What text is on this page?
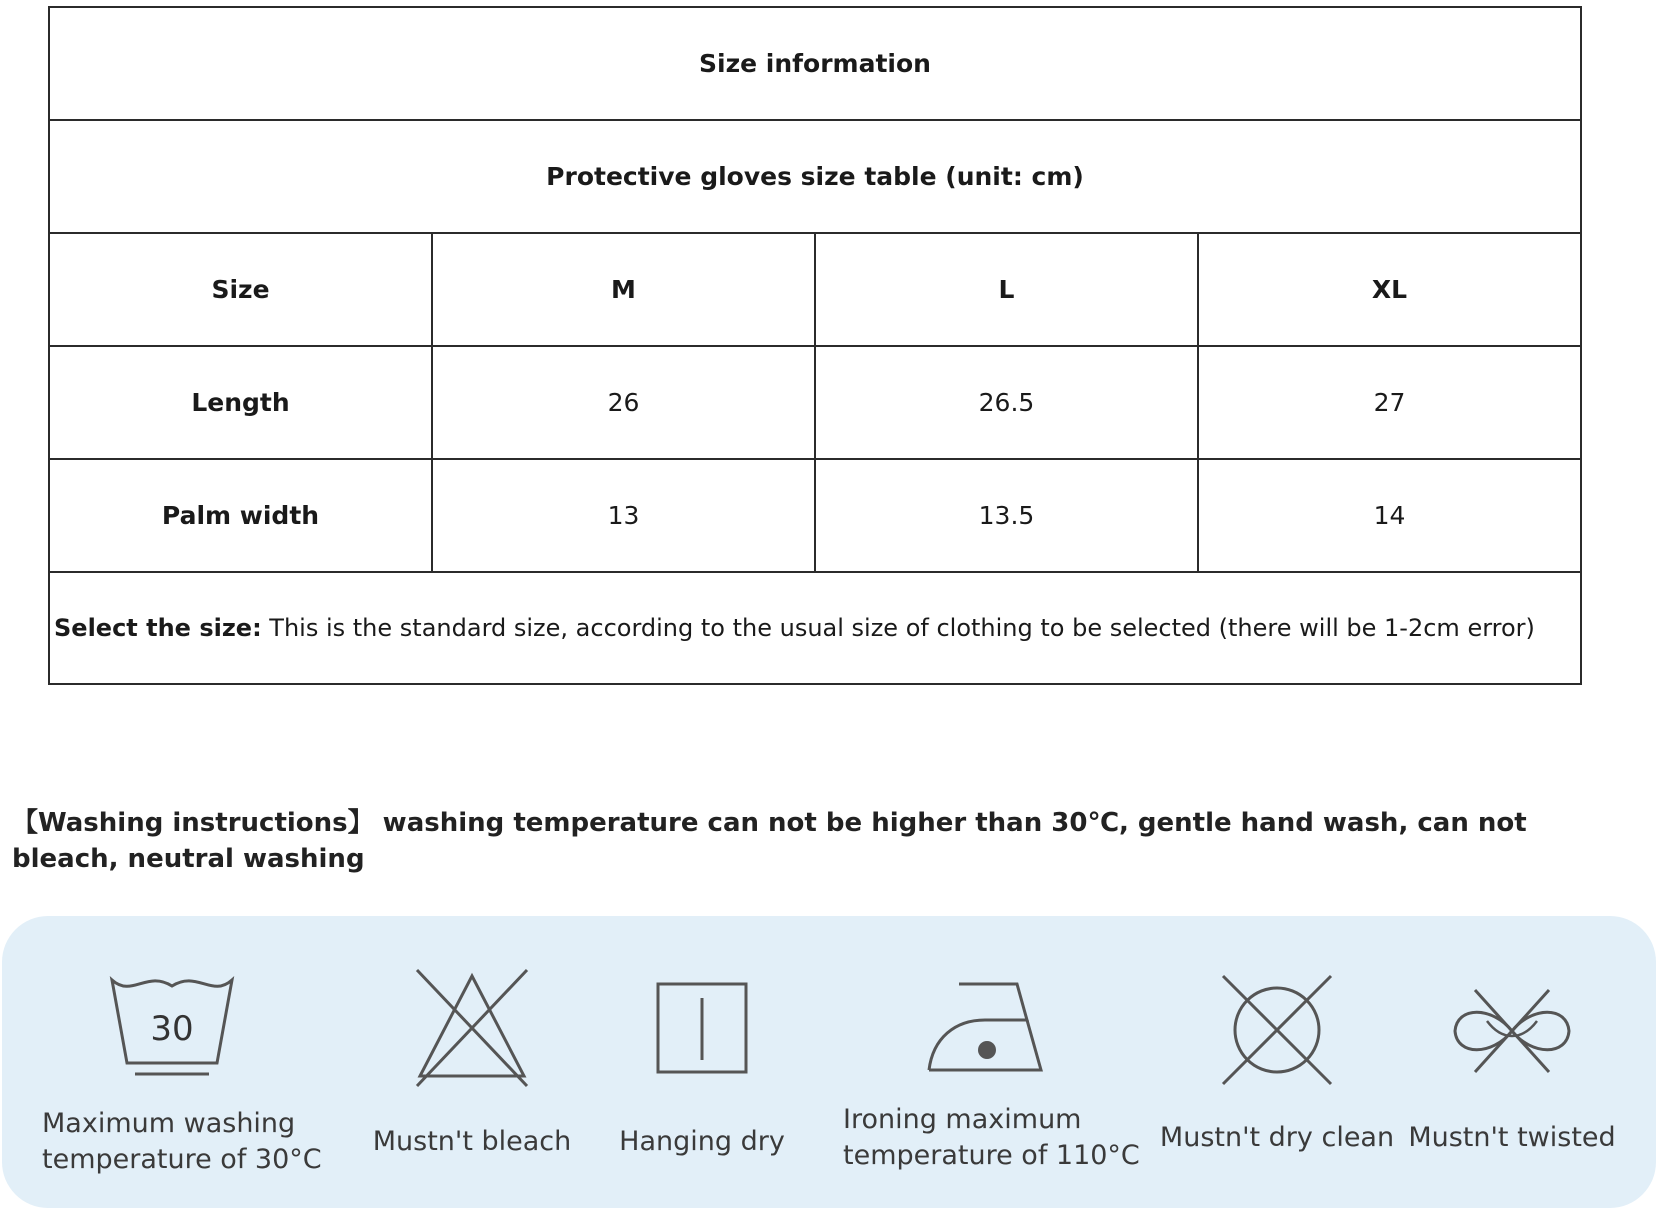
Size information			
Protective gloves size table (unit: cm)			
Size	M	L	XL
Length	26	26.5	27
Palm width	13	13.5	14
Select the size: This is the standard size, according to the usual size of clothing to be selected (there will be 1-2cm error)			
【Washing instructions】 washing temperature can not be higher than 30℃, gentle hand wash, can not bleach, neutral washing
30
Maximum washing
temperature of 30°C
Mustn't bleach	Hanging dry
Ironing maximum
temperature of 110°C
Mustn't dry clean Mustn't twisted
